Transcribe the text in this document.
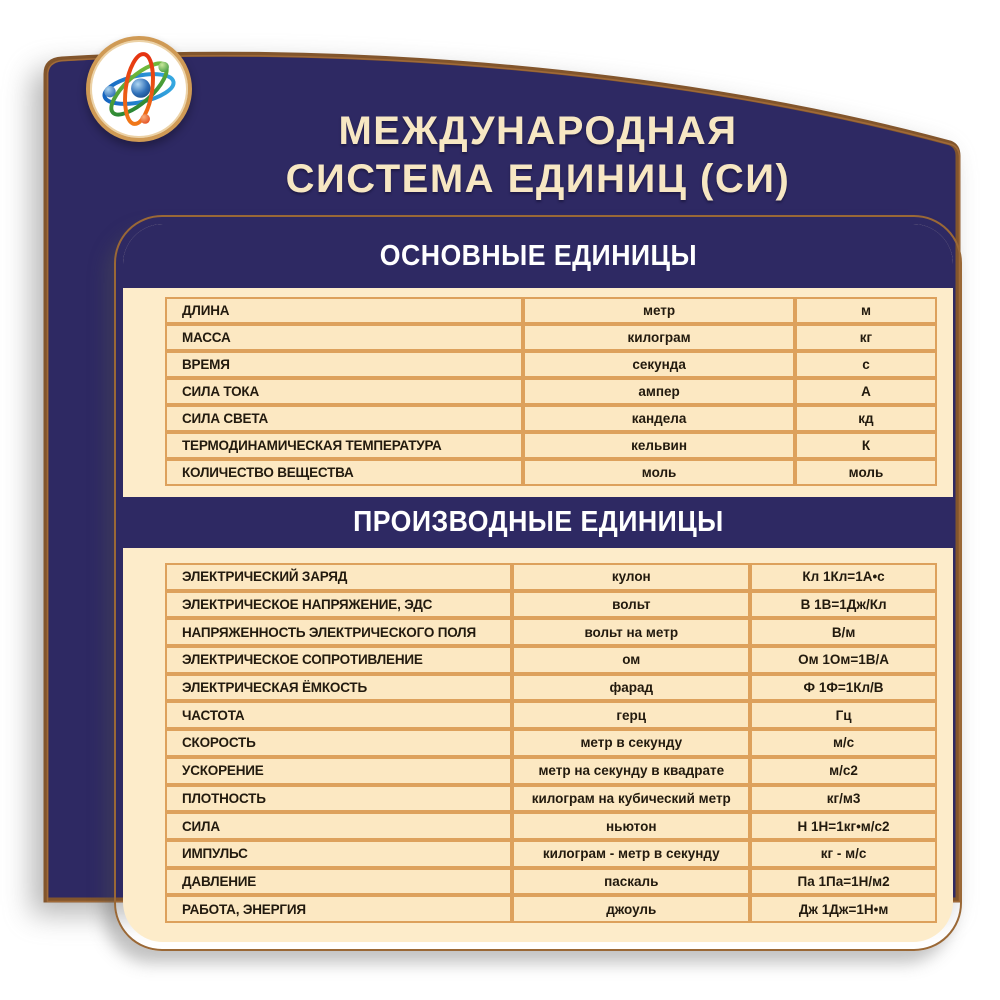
МЕЖДУНАРОДНАЯ
СИСТЕМА ЕДИНИЦ (СИ)
ОСНОВНЫЕ ЕДИНИЦЫ
ДЛИНА	метр	м
МАССА	килограм	кг
ВРЕМЯ	секунда	с
СИЛА ТОКА	ампер	А
СИЛА СВЕТА	кандела	кд
ТЕРМОДИНАМИЧЕСКАЯ ТЕМПЕРАТУРА	кельвин	К
КОЛИЧЕСТВО ВЕЩЕСТВА	моль	моль
ПРОИЗВОДНЫЕ ЕДИНИЦЫ
ЭЛЕКТРИЧЕСКИЙ ЗАРЯД	кулон	Кл 1Кл=1А•с
ЭЛЕКТРИЧЕСКОЕ НАПРЯЖЕНИЕ, ЭДС	вольт	В 1В=1Дж/Кл
НАПРЯЖЕННОСТЬ ЭЛЕКТРИЧЕСКОГО ПОЛЯ	вольт на метр	В/м
ЭЛЕКТРИЧЕСКОЕ СОПРОТИВЛЕНИЕ	ом	Ом 1Ом=1В/А
ЭЛЕКТРИЧЕСКАЯ ЁМКОСТЬ	фарад	Ф 1Ф=1Кл/В
ЧАСТОТА	герц	Гц
СКОРОСТЬ	метр в секунду	м/с
УСКОРЕНИЕ	метр на секунду в квадрате	м/с2
ПЛОТНОСТЬ	килограм на кубический метр	кг/м3
СИЛА	ньютон	Н 1Н=1кг•м/с2
ИМПУЛЬС	килограм - метр в секунду	кг - м/с
ДАВЛЕНИЕ	паскаль	Па 1Па=1Н/м2
РАБОТА, ЭНЕРГИЯ	джоуль	Дж 1Дж=1Н•м
